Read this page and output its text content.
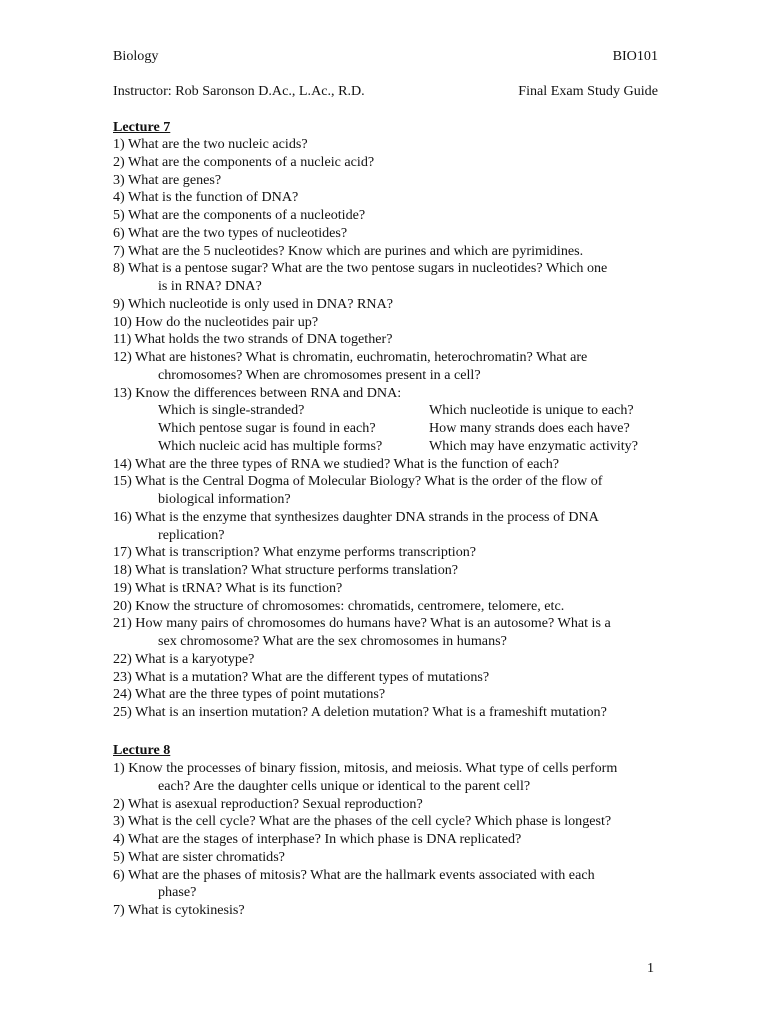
Biology	BIO101
Instructor: Rob Saronson D.Ac., L.Ac., R.D.	Final Exam Study Guide
Lecture 7
1) What are the two nucleic acids?
2) What are the components of a nucleic acid?
3) What are genes?
4) What is the function of DNA?
5) What are the components of a nucleotide?
6) What are the two types of nucleotides?
7) What are the 5 nucleotides? Know which are purines and which are pyrimidines.
8) What is a pentose sugar? What are the two pentose sugars in nucleotides? Which one
is in RNA? DNA?
9) Which nucleotide is only used in DNA? RNA?
10) How do the nucleotides pair up?
11) What holds the two strands of DNA together?
12) What are histones? What is chromatin, euchromatin, heterochromatin? What are
chromosomes? When are chromosomes present in a cell?
13) Know the differences between RNA and DNA:
Which is single-stranded?	Which nucleotide is unique to each?
Which pentose sugar is found in each?	How many strands does each have?
Which nucleic acid has multiple forms?	Which may have enzymatic activity?
14) What are the three types of RNA we studied? What is the function of each?
15) What is the Central Dogma of Molecular Biology? What is the order of the flow of
biological information?
16) What is the enzyme that synthesizes daughter DNA strands in the process of DNA
replication?
17) What is transcription? What enzyme performs transcription?
18) What is translation? What structure performs translation?
19) What is tRNA? What is its function?
20) Know the structure of chromosomes: chromatids, centromere, telomere, etc.
21) How many pairs of chromosomes do humans have? What is an autosome? What is a
sex chromosome? What are the sex chromosomes in humans?
22) What is a karyotype?
23) What is a mutation? What are the different types of mutations?
24) What are the three types of point mutations?
25) What is an insertion mutation? A deletion mutation? What is a frameshift mutation?
Lecture 8
1) Know the processes of binary fission, mitosis, and meiosis. What type of cells perform
each? Are the daughter cells unique or identical to the parent cell?
2) What is asexual reproduction? Sexual reproduction?
3) What is the cell cycle? What are the phases of the cell cycle? Which phase is longest?
4) What are the stages of interphase? In which phase is DNA replicated?
5) What are sister chromatids?
6) What are the phases of mitosis? What are the hallmark events associated with each
phase?
7) What is cytokinesis?
1
